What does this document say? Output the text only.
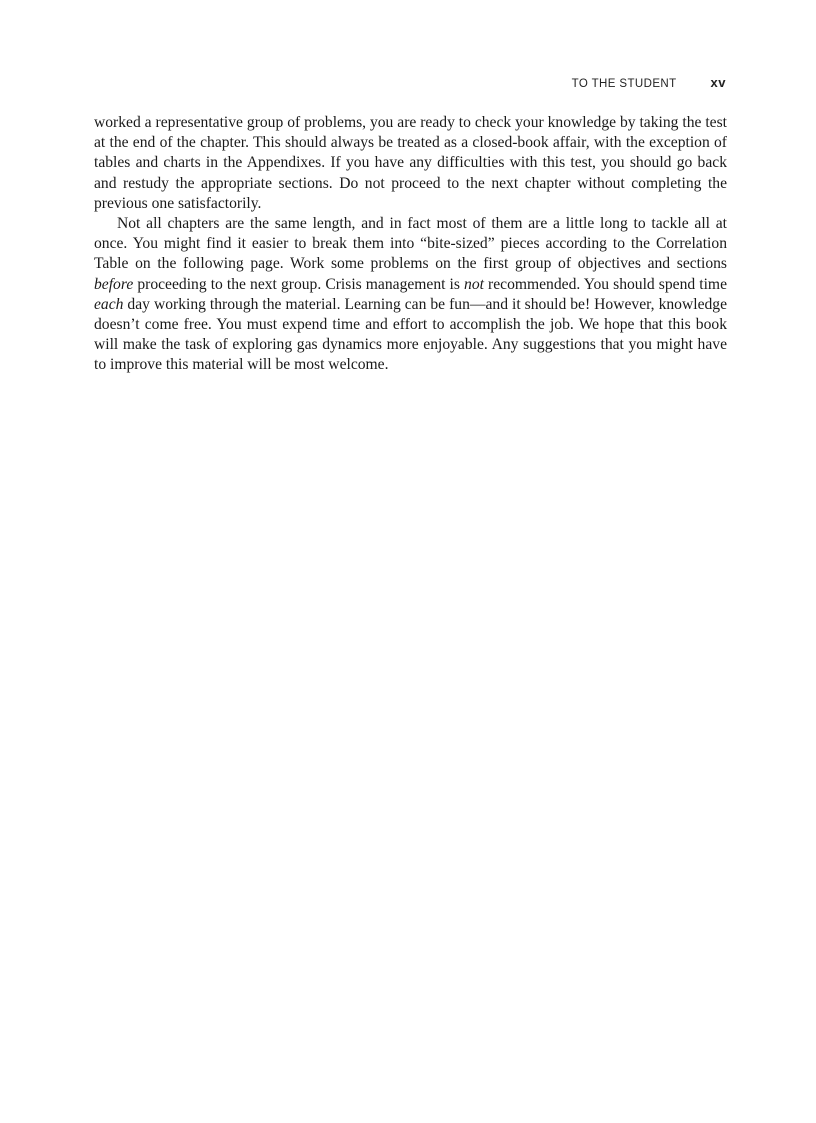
TO THE STUDENT	xv

worked a representative group of problems, you are ready to check your knowledge by taking the test at the end of the chapter. This should always be treated as a closed-book affair, with the exception of tables and charts in the Appendixes. If you have any difficulties with this test, you should go back and restudy the appropriate sections. Do not proceed to the next chapter without completing the previous one satisfactorily.

Not all chapters are the same length, and in fact most of them are a little long to tackle all at once. You might find it easier to break them into “bite-sized” pieces according to the Correlation Table on the following page. Work some problems on the first group of objectives and sections before proceeding to the next group. Crisis management is not recommended. You should spend time each day working through the material. Learning can be fun—and it should be! However, knowledge doesn’t come free. You must expend time and effort to accomplish the job. We hope that this book will make the task of exploring gas dynamics more enjoyable. Any suggestions that you might have to improve this material will be most welcome.
